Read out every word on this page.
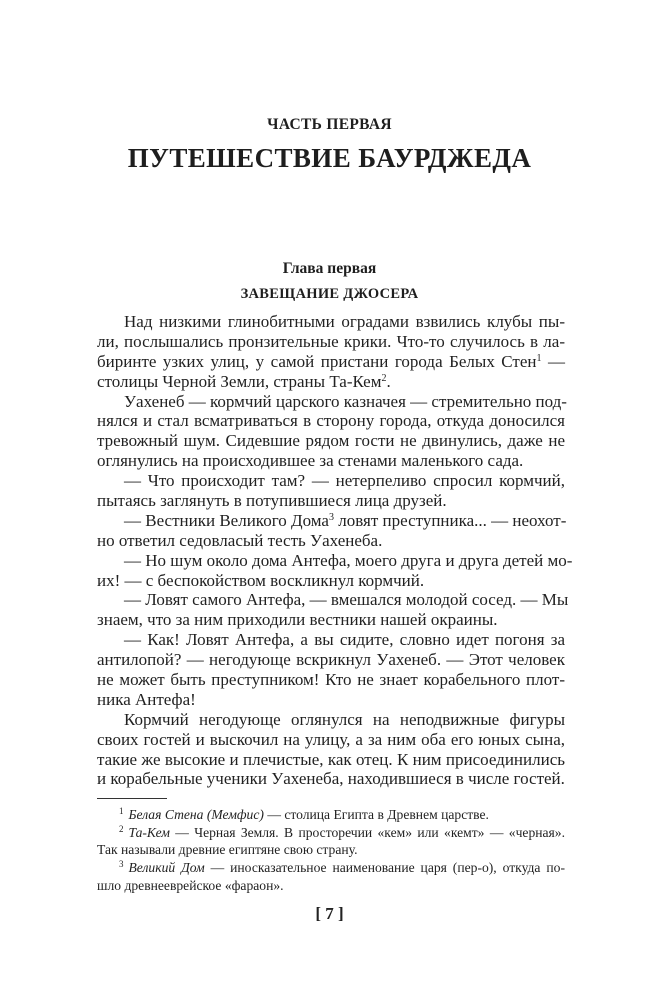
ЧАСТЬ ПЕРВАЯ
ПУТЕШЕСТВИЕ БАУРДЖЕДА
Глава первая
ЗАВЕЩАНИЕ ДЖОСЕРА
Над низкими глинобитными оградами взвились клубы пы-
ли, послышались пронзительные крики. Что-то случилось в ла-
биринте узких улиц, у самой пристани города Белых Стен$^1$ —
столицы Черной Земли, страны Та-Кем$^2$.
Уахенеб — кормчий царского казначея — стремительно под-
нялся и стал всматриваться в сторону города, откуда доносился
тревожный шум. Сидевшие рядом гости не двинулись, даже не
оглянулись на происходившее за стенами маленького сада.
— Что происходит там? — нетерпеливо спросил кормчий,
пытаясь заглянуть в потупившиеся лица друзей.
— Вестники Великого Дома$^3$ ловят преступника... — неохот-
но ответил седовласый тесть Уахенеба.
— Но шум около дома Антефа, моего друга и друга детей мо-
их! — с беспокойством воскликнул кормчий.
— Ловят самого Антефа, — вмешался молодой сосед. — Мы
знаем, что за ним приходили вестники нашей окраины.
— Как! Ловят Антефа, а вы сидите, словно идет погоня за
антилопой? — негодующе вскрикнул Уахенеб. — Этот человек
не может быть преступником! Кто не знает корабельного плот-
ника Антефа!
Кормчий негодующе оглянулся на неподвижные фигуры
своих гостей и выскочил на улицу, а за ним оба его юных сына,
такие же высокие и плечистые, как отец. К ним присоединились
и корабельные ученики Уахенеба, находившиеся в числе гостей.
$^1$ Белая Стена (Мемфис) — столица Египта в Древнем царстве.
$^2$ Та-Кем — Черная Земля. В просторечии «кем» или «кемт» — «черная».
Так называли древние египтяне свою страну.
$^3$ Великий Дом — иносказательное наименование царя (пер-о), откуда по-
шло древнееврейское «фараон».
[ 7 ]
